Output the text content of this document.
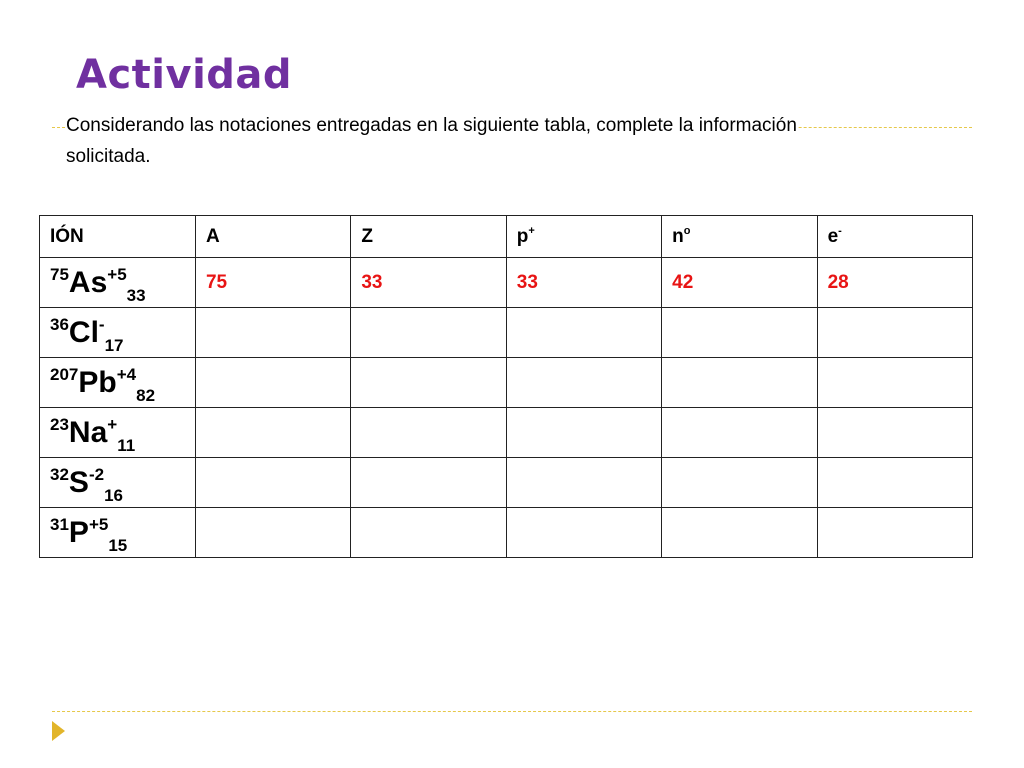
Actividad
Considerando las notaciones entregadas en la siguiente tabla, complete la información solicitada.
IÓN	A	Z	p+	$n^o$	e-
$^{75}As^{+5}_{33}$	75	33	33	42	28
$^{36}Cl^-_{17}$					
$^{207}Pb^{+4}_{82}$					
$^{23}Na^+_{11}$					
$^{32}S^{-2}_{16}$					
$^{31}P^{+5}_{15}$					
